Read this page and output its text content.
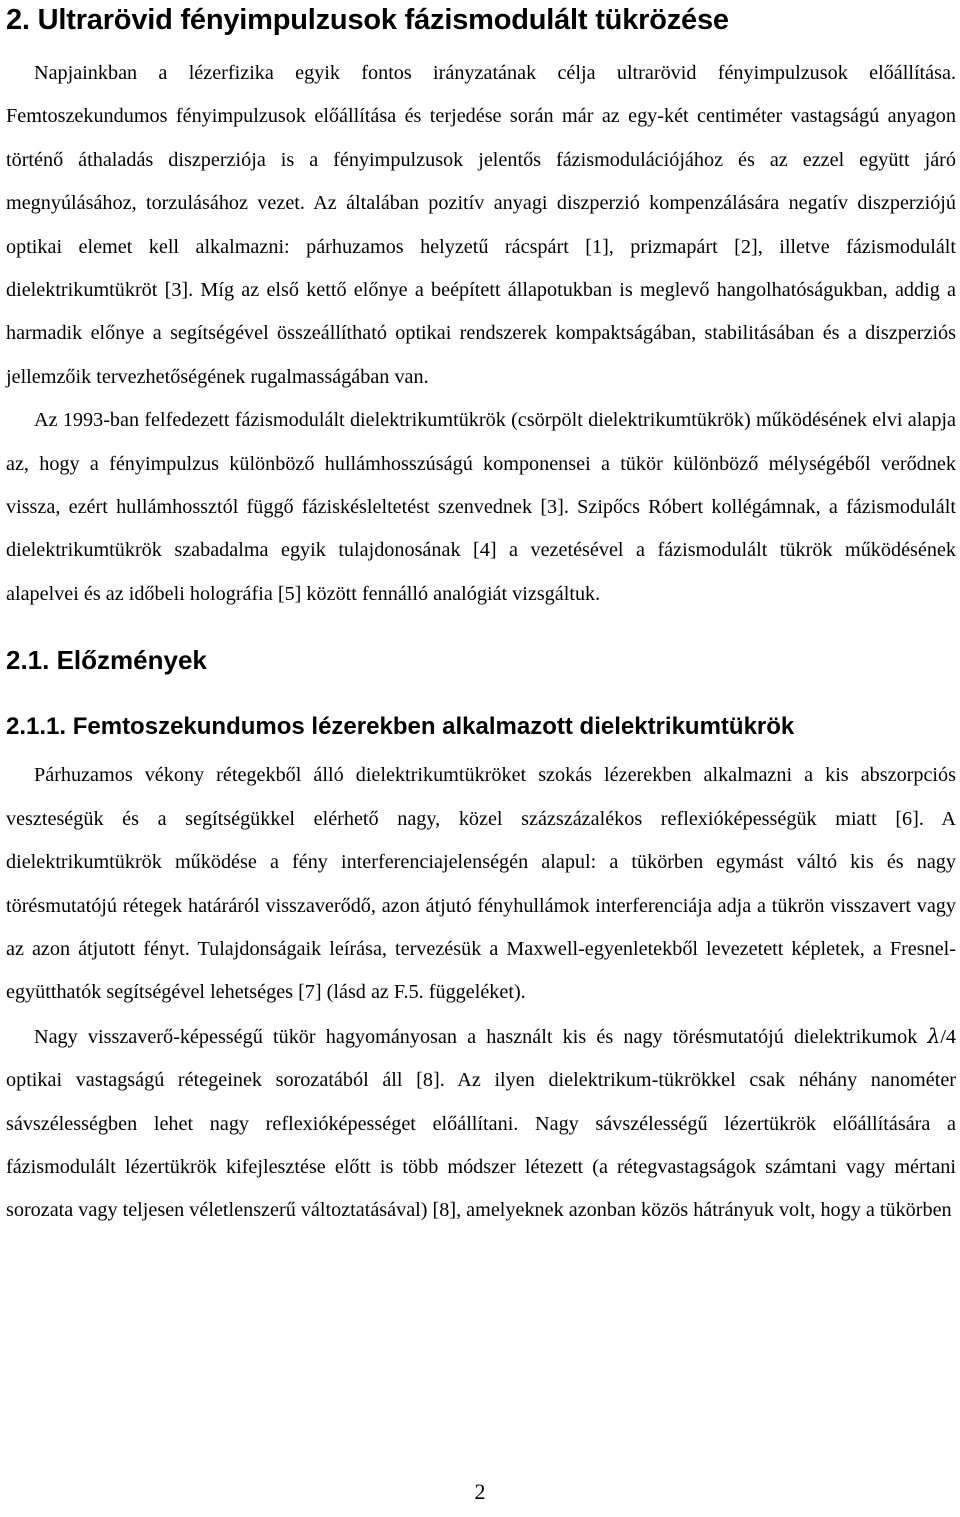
2. Ultrarövid fényimpulzusok fázismodulált tükrözése

Napjainkban a lézerfizika egyik fontos irányzatának célja ultrarövid fényimpulzusok előállítása. Femtoszekundumos fényimpulzusok előállítása és terjedése során már az egy-két centiméter vastagságú anyagon történő áthaladás diszperziója is a fényimpulzusok jelentős fázismodulációjához és az ezzel együtt járó megnyúlásához, torzulásához vezet. Az általában pozitív anyagi diszperzió kompenzálására negatív diszperziójú optikai elemet kell alkalmazni: párhuzamos helyzetű rácspárt [1], prizmapárt [2], illetve fázismodulált dielektrikumtükröt [3]. Míg az első kettő előnye a beépített állapotukban is meglevő hangolhatóságukban, addig a harmadik előnye a segítségével összeállítható optikai rendszerek kompaktságában, stabilitásában és a diszperziós jellemzőik tervezhetőségének rugalmasságában van.

Az 1993-ban felfedezett fázismodulált dielektrikumtükrök (csörpölt dielektrikumtükrök) működésének elvi alapja az, hogy a fényimpulzus különböző hullámhosszúságú komponensei a tükör különböző mélységéből verődnek vissza, ezért hullámhossztól függő fáziskésleltetést szenvednek [3]. Szipőcs Róbert kollégámnak, a fázismodulált dielektrikumtükrök szabadalma egyik tulajdonosának [4] a vezetésével a fázismodulált tükrök működésének alapelvei és az időbeli holográfia [5] között fennálló analógiát vizsgáltuk.

2.1. Előzmények
2.1.1. Femtoszekundumos lézerekben alkalmazott dielektrikumtükrök

Párhuzamos vékony rétegekből álló dielektrikumtükröket szokás lézerekben alkalmazni a kis abszorpciós veszteségük és a segítségükkel elérhető nagy, közel százszázalékos reflexióképességük miatt [6]. A dielektrikumtükrök működése a fény interferenciajelenségén alapul: a tükörben egymást váltó kis és nagy törésmutatójú rétegek határáról visszaverődő, azon átjutó fényhullámok interferenciája adja a tükrön visszavert vagy az azon átjutott fényt. Tulajdonságaik leírása, tervezésük a Maxwell-egyenletekből levezetett képletek, a Fresnel-együtthatók segítségével lehetséges [7] (lásd az F.5. függeléket).

Nagy visszaverő-képességű tükör hagyományosan a használt kis és nagy törésmutatójú dielektrikumok λ/4 optikai vastagságú rétegeinek sorozatából áll [8]. Az ilyen dielektrikum-tükrökkel csak néhány nanométer sávszélességben lehet nagy reflexióképességet előállítani. Nagy sávszélességű lézertükrök előállítására a fázismodulált lézertükrök kifejlesztése előtt is több módszer létezett (a rétegvastagságok számtani vagy mértani sorozata vagy teljesen véletlenszerű változtatásával) [8], amelyeknek azonban közös hátrányuk volt, hogy a tükörben

2
